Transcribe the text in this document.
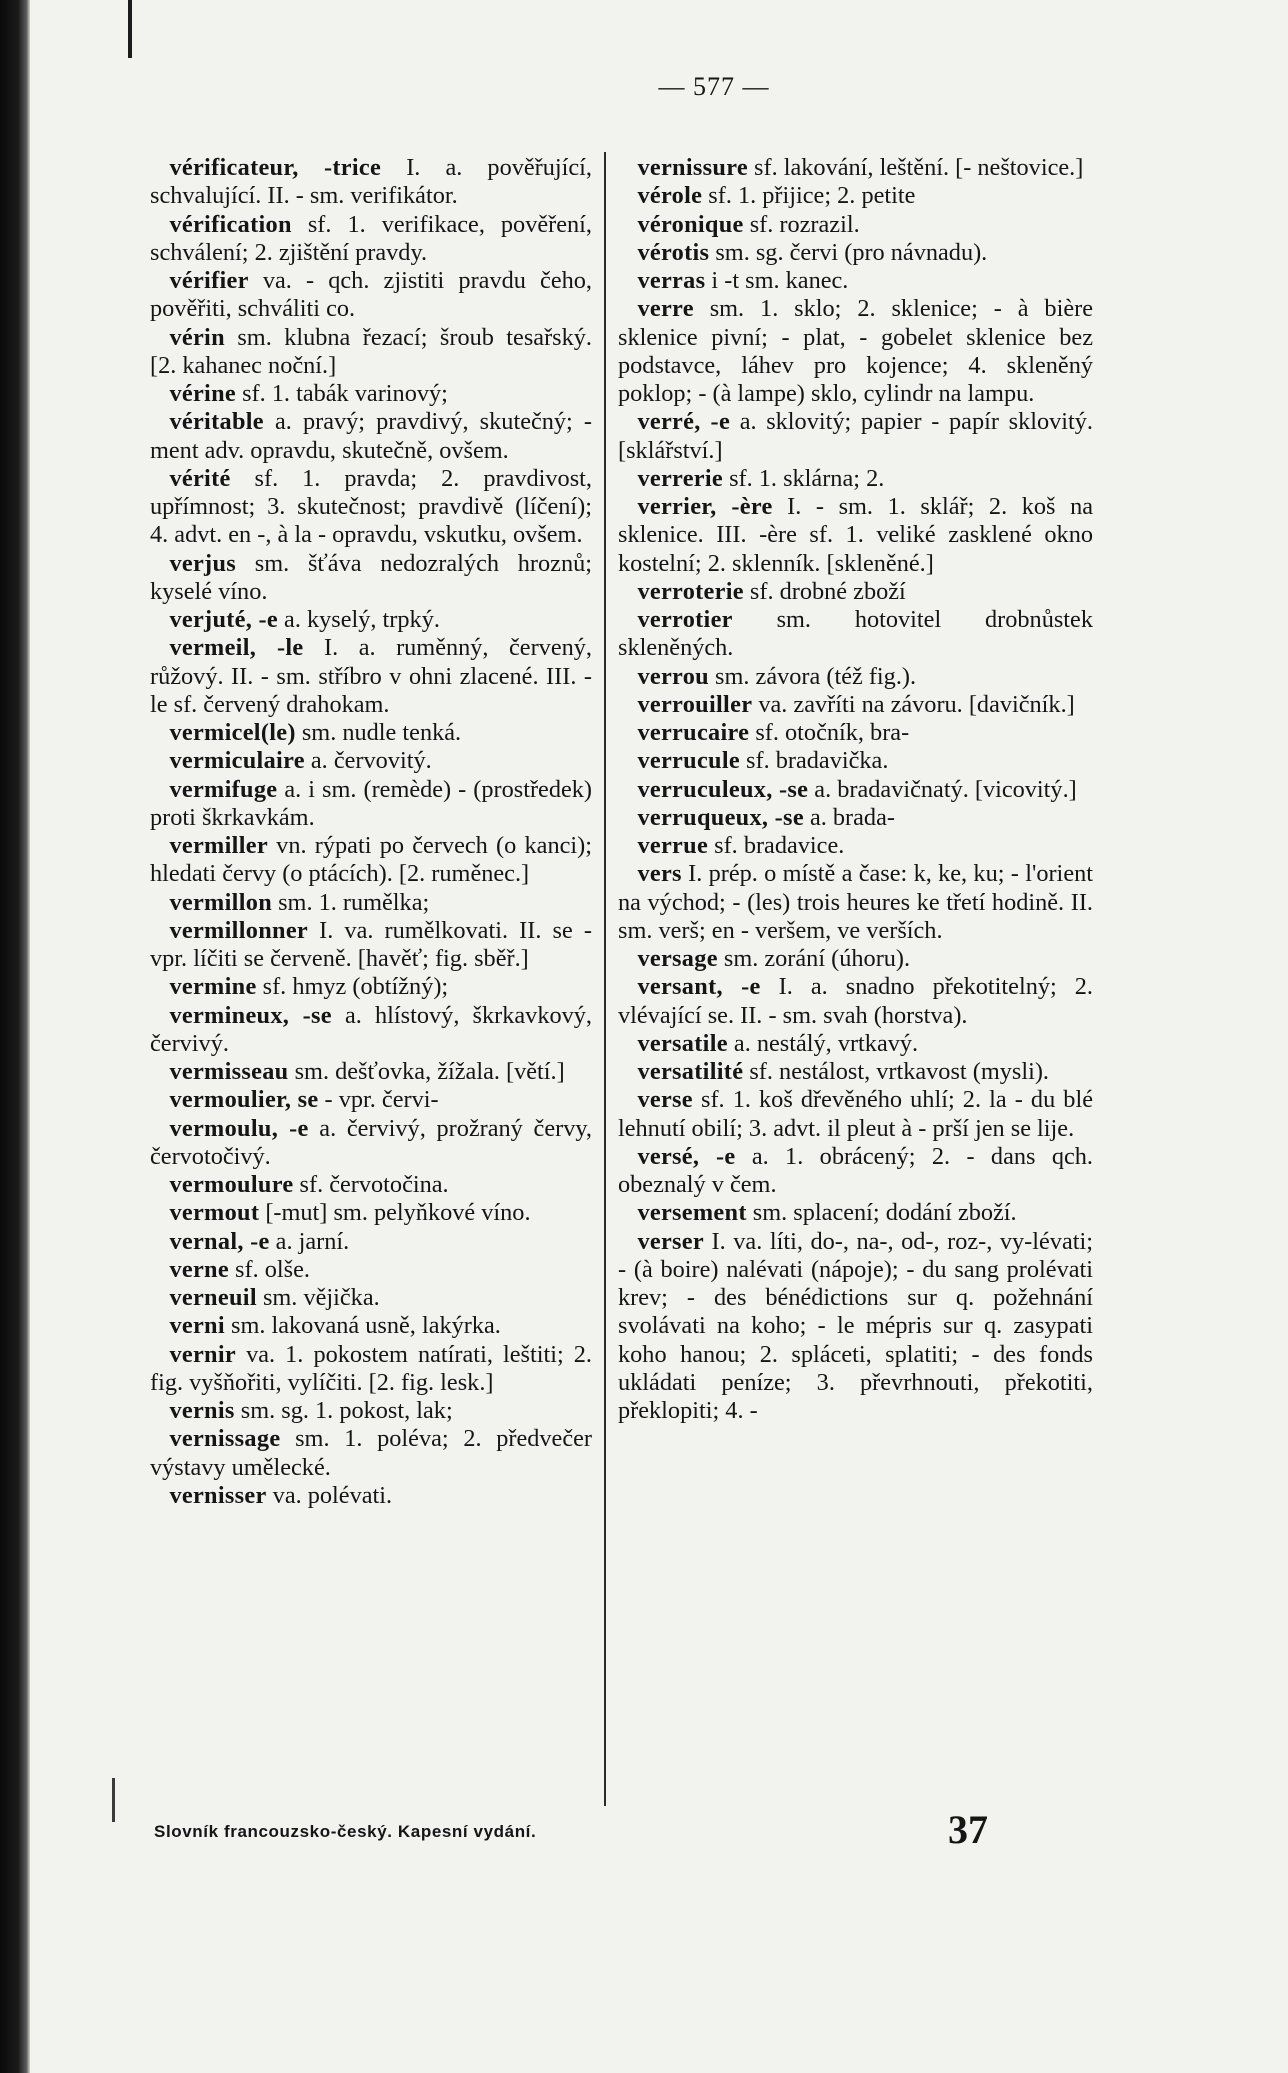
— 577 —
vérificateur, -trice I. a. pověřující, schvalující. II. - sm. verifikátor.
vérification sf. 1. verifikace, pověření, schválení; 2. zjištění pravdy.
vérifier va. - qch. zjistiti pravdu čeho, pověřiti, schváliti co.
vérin sm. klubna řezací; šroub tesařský. [2. kahanec noční.]
vérine sf. 1. tabák varinový;
véritable a. pravý; pravdivý, skutečný; -ment adv. opravdu, skutečně, ovšem.
vérité sf. 1. pravda; 2. pravdivost, upřímnost; 3. skutečnost; pravdivě (líčení); 4. advt. en -, à la - opravdu, vskutku, ovšem.
verjus sm. šťáva nedozralých hroznů; kyselé víno.
verjuté, -e a. kyselý, trpký.
vermeil, -le I. a. ruměnný, červený, růžový. II. - sm. stříbro v ohni zlacené. III. -le sf. červený drahokam.
vermicel(le) sm. nudle tenká.
vermiculaire a. červovitý.
vermifuge a. i sm. (remède) - (prostředek) proti škrkavkám.
vermiller vn. rýpati po červech (o kanci); hledati červy (o ptácích). [2. ruměnec.]
vermillon sm. 1. rumělka;
vermillonner I. va. rumělkovati. II. se - vpr. líčiti se červeně. [havěť; fig. sběř.]
vermine sf. hmyz (obtížný);
vermineux, -se a. hlístový, škrkavkový, červivý.
vermisseau sm. dešťovka, žížala. [větí.]
vermoulier, se - vpr. červi-
vermoulu, -e a. červivý, prožraný červy, červotočivý.
vermoulure sf. červotočina.
vermout [-mut] sm. pelyňkové víno.
vernal, -e a. jarní.
verne sf. olše.
verneuil sm. vějička.
verni sm. lakovaná usně, lakýrka.
vernir va. 1. pokostem natírati, leštiti; 2. fig. vyšňořiti, vylíčiti. [2. fig. lesk.]
vernis sm. sg. 1. pokost, lak;
vernissage sm. 1. poléva; 2. předvečer výstavy umělecké.
vernisser va. polévati.
vernissure sf. lakování, leštění. [- neštovice.]
vérole sf. 1. přijice; 2. petite
véronique sf. rozrazil.
vérotis sm. sg. červi (pro návnadu).
verras i -t sm. kanec.
verre sm. 1. sklo; 2. sklenice; - à bière sklenice pivní; - plat, - gobelet sklenice bez podstavce, láhev pro kojence; 4. skleněný poklop; - (à lampe) sklo, cylindr na lampu.
verré, -e a. sklovitý; papier - papír sklovitý. [sklářství.]
verrerie sf. 1. sklárna; 2.
verrier, -ère I. - sm. 1. sklář; 2. koš na sklenice. III. -ère sf. 1. veliké zasklené okno kostelní; 2. sklenník. [skleněné.]
verroterie sf. drobné zboží
verrotier sm. hotovitel drobnůstek skleněných.
verrou sm. závora (též fig.).
verrouiller va. zavříti na závoru. [davičník.]
verrucaire sf. otočník, bra-
verrucule sf. bradavička.
verruculeux, -se a. bradavičnatý. [vicovitý.]
verruqueux, -se a. brada-
verrue sf. bradavice.
vers I. prép. o místě a čase: k, ke, ku; - l'orient na východ; - (les) trois heures ke třetí hodině. II. sm. verš; en - veršem, ve verších.
versage sm. zorání (úhoru).
versant, -e I. a. snadno překotitelný; 2. vlévající se. II. - sm. svah (horstva).
versatile a. nestálý, vrtkavý.
versatilité sf. nestálost, vrtkavost (mysli).
verse sf. 1. koš dřevěného uhlí; 2. la - du blé lehnutí obilí; 3. advt. il pleut à - prší jen se lije.
versé, -e a. 1. obrácený; 2. - dans qch. obeznalý v čem.
versement sm. splacení; dodání zboží.
verser I. va. líti, do-, na-, od-, roz-, vy-lévati; - (à boire) nalévati (nápoje); - du sang prolévati krev; - des bénédictions sur q. požehnání svolávati na koho; - le mépris sur q. zasypati koho hanou; 2. spláceti, splatiti; - des fonds ukládati peníze; 3. převrhnouti, překotiti, překlopiti; 4. -
Slovník francouzsko-český. Kapesní vydání.	37
